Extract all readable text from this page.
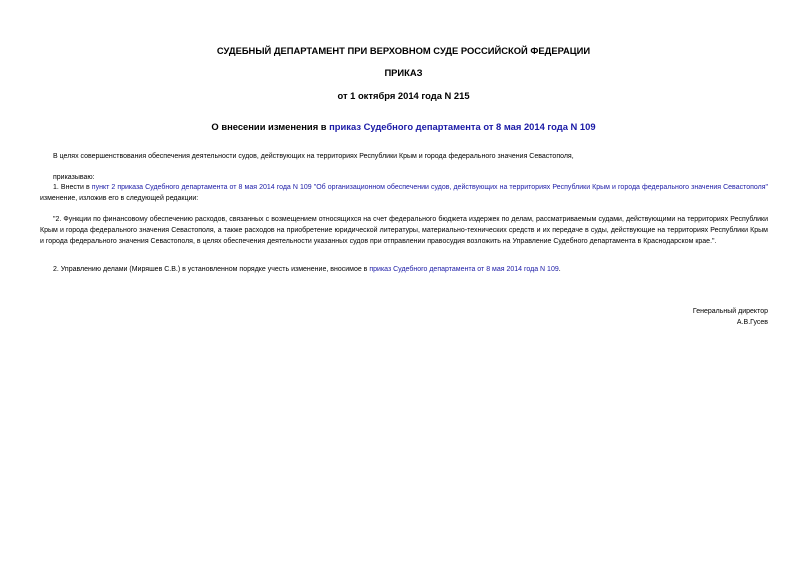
СУДЕБНЫЙ ДЕПАРТАМЕНТ ПРИ ВЕРХОВНОМ СУДЕ РОССИЙСКОЙ ФЕДЕРАЦИИ
ПРИКАЗ
от 1 октября 2014 года N 215
О внесении изменения в приказ Судебного департамента от 8 мая 2014 года N 109
В целях совершенствования обеспечения деятельности судов, действующих на территориях Республики Крым и города федерального значения Севастополя,
приказываю:
1. Внести в пункт 2 приказа Судебного департамента от 8 мая 2014 года N 109 "Об организационном обеспечении судов, действующих на территориях Республики Крым и города федерального значения Севастополя" изменение, изложив его в следующей редакции:
"2. Функции по финансовому обеспечению расходов, связанных с возмещением относящихся на счет федерального бюджета издержек по делам, рассматриваемым судами, действующими на территориях Республики Крым и города федерального значения Севастополя, а также расходов на приобретение юридической литературы, материально-технических средств и их передаче в суды, действующие на территориях Республики Крым и города федерального значения Севастополя, в целях обеспечения деятельности указанных судов при отправлении правосудия возложить на Управление Судебного департамента в Краснодарском крае.".
2. Управлению делами (Миряшев С.В.) в установленном порядке учесть изменение, вносимое в приказ Судебного департамента от 8 мая 2014 года N 109.
Генеральный директор
А.В.Гусев
